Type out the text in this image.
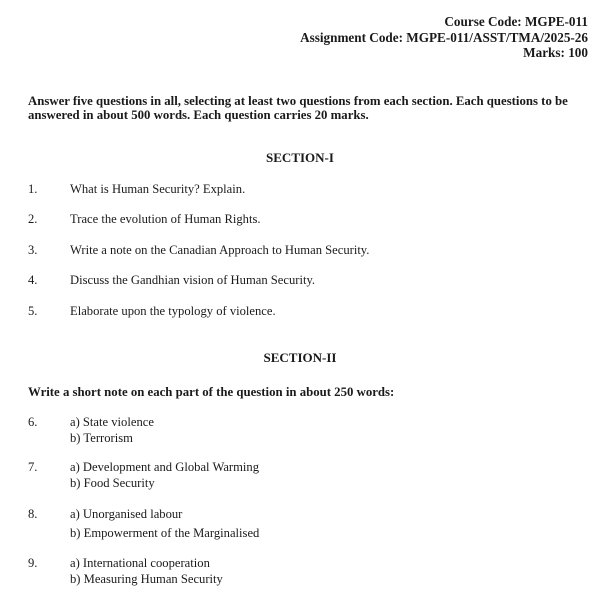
Course Code: MGPE-011
Assignment Code: MGPE-011/ASST/TMA/2025-26
Marks: 100
Answer five questions in all, selecting at least two questions from each section. Each questions to be answered in about 500 words. Each question carries 20 marks.
SECTION-I
1.	What is Human Security? Explain.
2.	Trace the evolution of Human Rights.
3.	Write a note on the Canadian Approach to Human Security.
4.	Discuss the Gandhian vision of Human Security.
5.	Elaborate upon the typology of violence.
SECTION-II
Write a short note on each part of the question in about 250 words:
6.	a) State violence
b) Terrorism
7.	a) Development and Global Warming
b) Food Security
8.	a) Unorganised labour
b) Empowerment of the Marginalised
9.	a) International cooperation
b) Measuring Human Security
